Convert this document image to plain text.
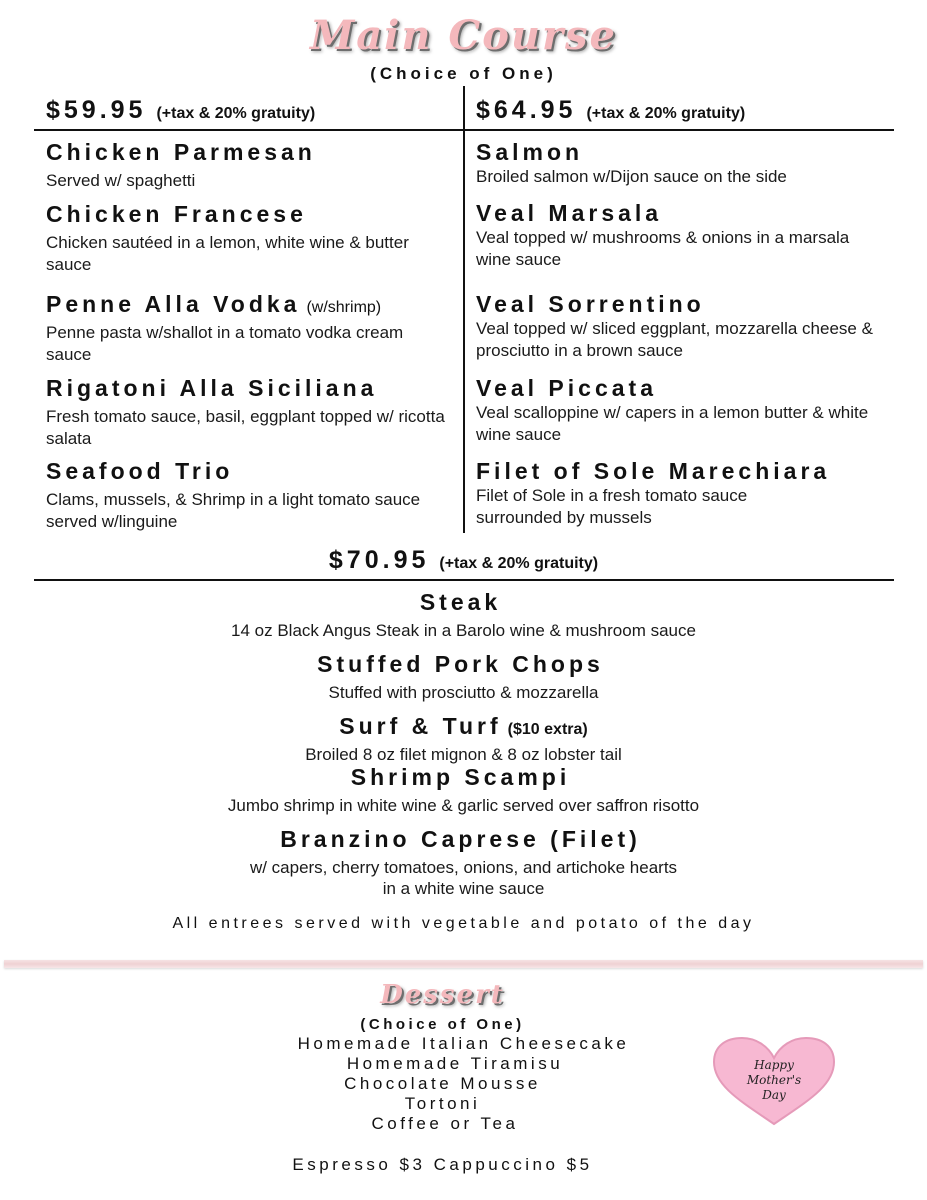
Main Course
(Choice of One)
$59.95 (+tax & 20% gratuity)	$64.95 (+tax & 20% gratuity)
Chicken Parmesan
Served w/ spaghetti
Chicken Francese
Chicken sautéed in a lemon, white wine & butter sauce
Penne Alla Vodka (w/shrimp)
Penne pasta w/shallot in a tomato vodka cream sauce
Rigatoni Alla Siciliana
Fresh tomato sauce, basil, eggplant topped w/ ricotta salata
Seafood Trio
Clams, mussels, & Shrimp in a light tomato sauce served w/linguine
Salmon
Broiled salmon w/Dijon sauce on the side
Veal Marsala
Veal topped w/ mushrooms & onions in a marsala wine sauce
Veal Sorrentino
Veal topped w/ sliced eggplant, mozzarella cheese & prosciutto in a brown sauce
Veal Piccata
Veal scalloppine w/ capers in a lemon butter & white wine sauce
Filet of Sole Marechiara
Filet of Sole in a fresh tomato sauce surrounded by mussels
$70.95 (+tax & 20% gratuity)
Steak
14 oz Black Angus Steak in a Barolo wine & mushroom sauce
Stuffed Pork Chops
Stuffed with prosciutto & mozzarella
Surf & Turf ($10 extra)
Broiled 8 oz filet mignon & 8 oz lobster tail
Shrimp Scampi
Jumbo shrimp in white wine & garlic served over saffron risotto
Branzino Caprese (Filet)
w/ capers, cherry tomatoes, onions, and artichoke hearts
in a white wine sauce
All entrees served with vegetable and potato of the day
Dessert
(Choice of One)
Homemade Italian Cheesecake
Homemade Tiramisu
Chocolate Mousse
Tortoni
Coffee or Tea
Espresso $3 Cappuccino $5
Happy
Mother's
Day
